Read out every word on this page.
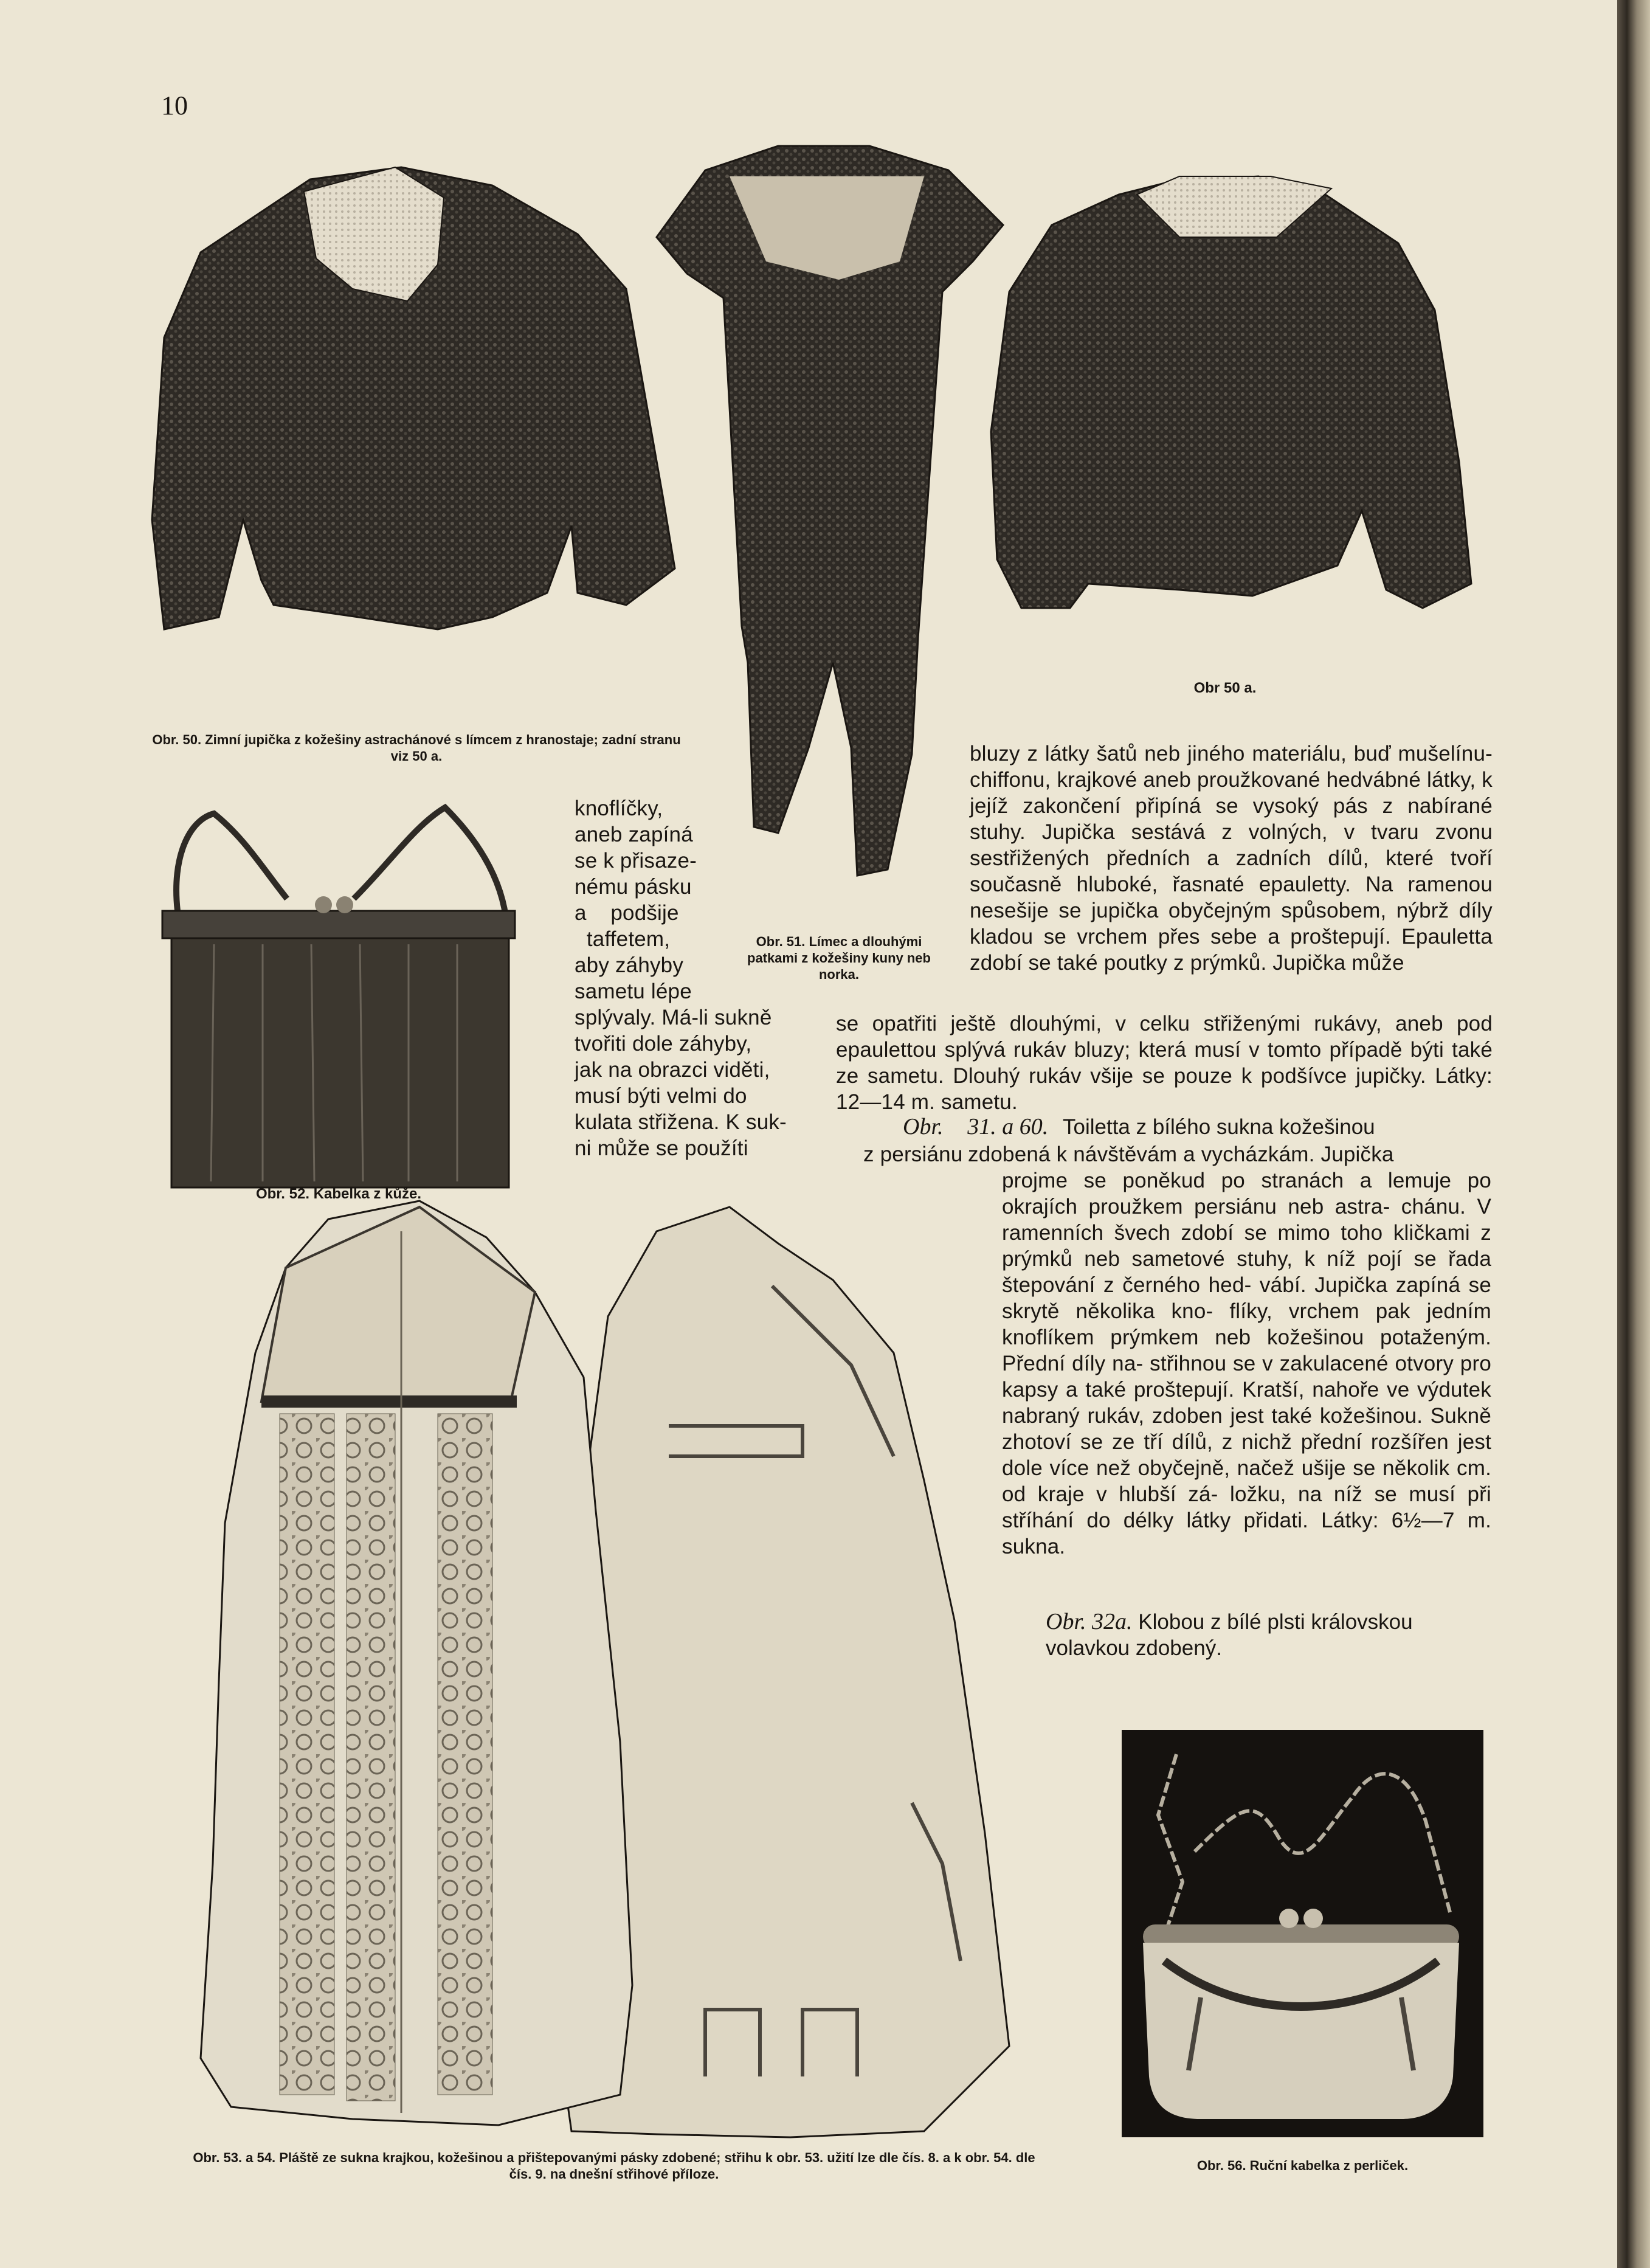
10
Obr 50 a.
Obr. 50. Zimní jupička z kožešiny astrachánové s límcem z hranostaje; zadní stranu viz 50 a.
Obr. 52. Kabelka z kůže.
knoflíčky,
aneb zapíná
se k přisaze-
nému pásku
a    podšije
taffetem,
aby záhyby
sametu lépe
splývaly. Má-li sukně
tvořiti dole záhyby,
jak na obrazci viděti,
musí býti velmi do
kulata střižena. K suk-
ni může se použíti
Obr. 51. Límec a dlouhými patkami z kožešiny kuny neb norka.
bluzy z látky šatů neb jiného materiálu, buď mušelínu-chiffonu, krajkové aneb proužkované hedvábné látky, k jejíž zakončení připíná se vysoký pás z nabírané stuhy. Jupička sestává z volných, v tvaru zvonu sestřižených předních a zadních dílů, které tvoří současně hluboké, řasnaté epauletty. Na ramenou nesešije se jupička obyčejným spůsobem, nýbrž díly kladou se vrchem přes sebe a proštepují. Epauletta zdobí se také poutky z prýmků. Jupička může
se opatřiti ještě dlouhými, v celku střiženými rukávy, aneb pod epaulettou splývá rukáv bluzy; která musí v tomto případě býti také ze sametu. Dlouhý rukáv všije se pouze k podšívce jupičky. Látky: 12—14 m. sametu.
Obr. 31. a 60. Toiletta z bílého sukna kožešinou
z persiánu zdobená k návštěvám a vycházkám. Jupička
projme se poněkud po stranách a lemuje po okrajích proužkem persiánu neb astra- chánu. V ramenních švech zdobí se mimo toho kličkami z prýmků neb sametové stuhy, k níž pojí se řada štepování z černého hed- vábí. Jupička zapíná se skrytě několika kno- flíky, vrchem pak jedním knoflíkem prýmkem neb kožešinou potaženým. Přední díly na- střihnou se v zakulacené otvory pro kapsy a také proštepují. Kratší, nahoře ve výdutek nabraný rukáv, zdoben jest také kožešinou. Sukně zhotoví se ze tří dílů, z nichž přední rozšířen jest dole více než obyčejně, načež ušije se několik cm. od kraje v hlubší zá- ložku, na níž se musí při stříhání do délky látky přidati. Látky: 6½—7 m. sukna.
Obr. 32a. Klobou z bílé plsti královskou volavkou zdobený.
Obr. 53. a 54. Pláště ze sukna krajkou, kožešinou a přištepovanými pásky zdobené; střihu k obr. 53. užití lze dle čís. 8. a k obr. 54. dle čís. 9. na dnešní střihové příloze.
Obr. 56. Ruční kabelka z perliček.
